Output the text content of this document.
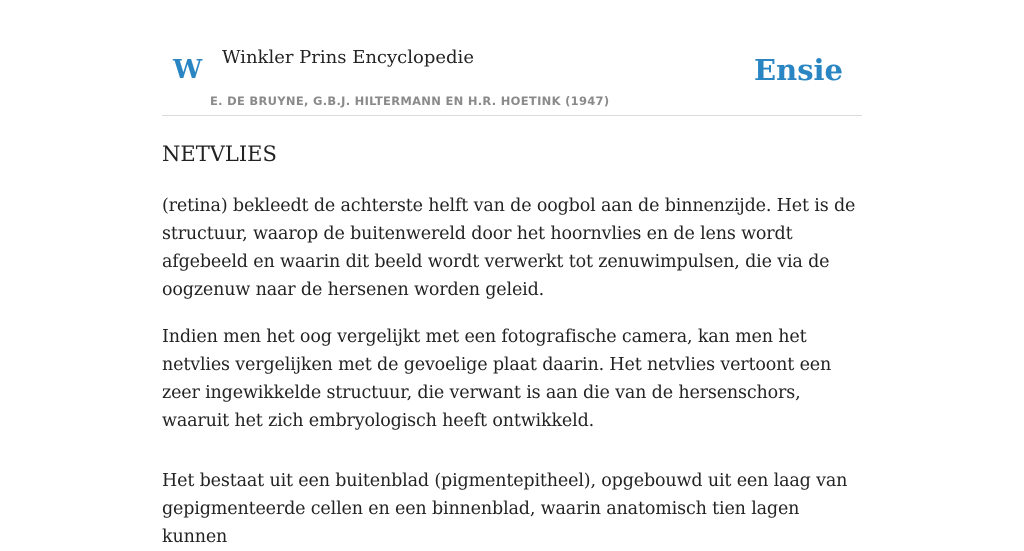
W Winkler Prins Encyclopedie
E. DE BRUYNE, G.B.J. HILTERMANN EN H.R. HOETINK (1947)
Ensie
NETVLIES

(retina) bekleedt de achterste helft van de oogbol aan de binnenzijde. Het is de structuur, waarop de buitenwereld door het hoornvlies en de lens wordt afgebeeld en waarin dit beeld wordt verwerkt tot zenuwimpulsen, die via de oogzenuw naar de hersenen worden geleid.

Indien men het oog vergelijkt met een fotografische camera, kan men het netvlies vergelijken met de gevoelige plaat daarin. Het netvlies vertoont een zeer ingewikkelde structuur, die verwant is aan die van de hersenschors, waaruit het zich embryologisch heeft ontwikkeld.

Het bestaat uit een buitenblad (pigmentepitheel), opgebouwd uit een laag van gepigmenteerde cellen en een binnenblad, waarin anatomisch tien lagen kunnen
